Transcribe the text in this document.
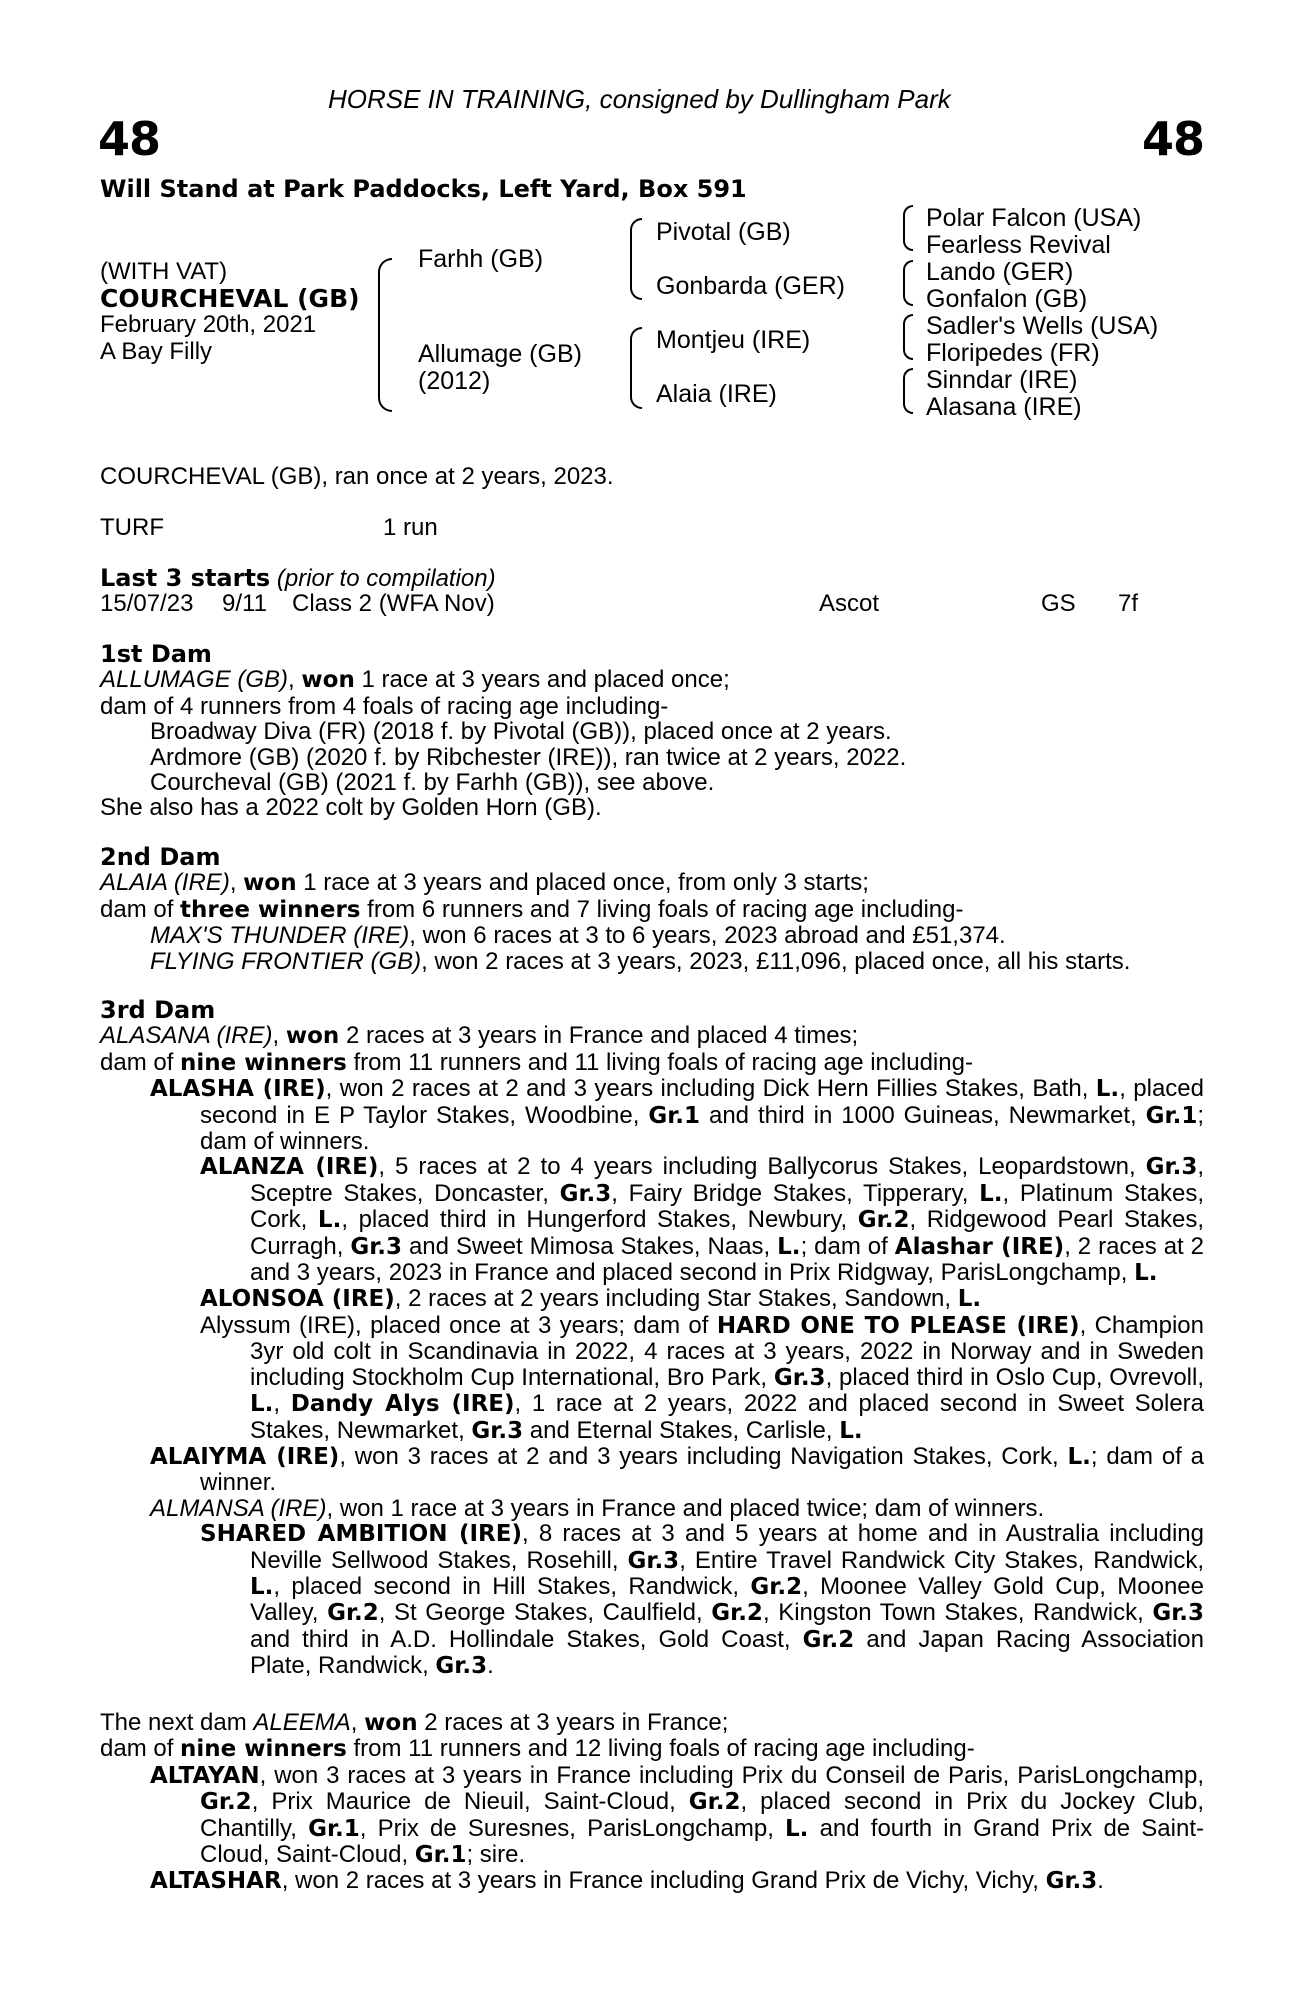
HORSE IN TRAINING, consigned by Dullingham Park
48	48
Will Stand at Park Paddocks, Left Yard, Box 591
(WITH VAT)
COURCHEVAL (GB)
February 20th, 2021
A Bay Filly
Farhh (GB)
Allumage (GB)
(2012)
Pivotal (GB)
Gonbarda (GER)
Montjeu (IRE)
Alaia (IRE)
Polar Falcon (USA)
Fearless Revival
Lando (GER)
Gonfalon (GB)
Sadler's Wells (USA)
Floripedes (FR)
Sinndar (IRE)
Alasana (IRE)
COURCHEVAL (GB), ran once at 2 years, 2023.
TURF	1 run
Last 3 starts (prior to compilation)
15/07/23 9/11 Class 2 (WFA Nov)	Ascot	GS 7f
1st Dam
ALLUMAGE (GB), won 1 race at 3 years and placed once;
dam of 4 runners from 4 foals of racing age including-
Broadway Diva (FR) (2018 f. by Pivotal (GB)), placed once at 2 years.
Ardmore (GB) (2020 f. by Ribchester (IRE)), ran twice at 2 years, 2022.
Courcheval (GB) (2021 f. by Farhh (GB)), see above.
She also has a 2022 colt by Golden Horn (GB).
2nd Dam
ALAIA (IRE), won 1 race at 3 years and placed once, from only 3 starts;
dam of three winners from 6 runners and 7 living foals of racing age including-
MAX'S THUNDER (IRE), won 6 races at 3 to 6 years, 2023 abroad and £51,374.
FLYING FRONTIER (GB), won 2 races at 3 years, 2023, £11,096, placed once, all his starts.
3rd Dam
ALASANA (IRE), won 2 races at 3 years in France and placed 4 times;
dam of nine winners from 11 runners and 11 living foals of racing age including-
ALASHA (IRE), won 2 races at 2 and 3 years including Dick Hern Fillies Stakes, Bath, L., placed second in E P Taylor Stakes, Woodbine, Gr.1 and third in 1000 Guineas, Newmarket, Gr.1; dam of winners.
ALANZA (IRE), 5 races at 2 to 4 years including Ballycorus Stakes, Leopardstown, Gr.3, Sceptre Stakes, Doncaster, Gr.3, Fairy Bridge Stakes, Tipperary, L., Platinum Stakes, Cork, L., placed third in Hungerford Stakes, Newbury, Gr.2, Ridgewood Pearl Stakes, Curragh, Gr.3 and Sweet Mimosa Stakes, Naas, L.; dam of Alashar (IRE), 2 races at 2 and 3 years, 2023 in France and placed second in Prix Ridgway, ParisLongchamp, L.
ALONSOA (IRE), 2 races at 2 years including Star Stakes, Sandown, L.
Alyssum (IRE), placed once at 3 years; dam of HARD ONE TO PLEASE (IRE), Champion 3yr old colt in Scandinavia in 2022, 4 races at 3 years, 2022 in Norway and in Sweden including Stockholm Cup International, Bro Park, Gr.3, placed third in Oslo Cup, Ovrevoll, L., Dandy Alys (IRE), 1 race at 2 years, 2022 and placed second in Sweet Solera Stakes, Newmarket, Gr.3 and Eternal Stakes, Carlisle, L.
ALAIYMA (IRE), won 3 races at 2 and 3 years including Navigation Stakes, Cork, L.; dam of a winner.
ALMANSA (IRE), won 1 race at 3 years in France and placed twice; dam of winners.
SHARED AMBITION (IRE), 8 races at 3 and 5 years at home and in Australia including Neville Sellwood Stakes, Rosehill, Gr.3, Entire Travel Randwick City Stakes, Randwick, L., placed second in Hill Stakes, Randwick, Gr.2, Moonee Valley Gold Cup, Moonee Valley, Gr.2, St George Stakes, Caulfield, Gr.2, Kingston Town Stakes, Randwick, Gr.3 and third in A.D. Hollindale Stakes, Gold Coast, Gr.2 and Japan Racing Association Plate, Randwick, Gr.3.
The next dam ALEEMA, won 2 races at 3 years in France;
dam of nine winners from 11 runners and 12 living foals of racing age including-
ALTAYAN, won 3 races at 3 years in France including Prix du Conseil de Paris, ParisLongchamp, Gr.2, Prix Maurice de Nieuil, Saint-Cloud, Gr.2, placed second in Prix du Jockey Club, Chantilly, Gr.1, Prix de Suresnes, ParisLongchamp, L. and fourth in Grand Prix de Saint-Cloud, Saint-Cloud, Gr.1; sire.
ALTASHAR, won 2 races at 3 years in France including Grand Prix de Vichy, Vichy, Gr.3.
